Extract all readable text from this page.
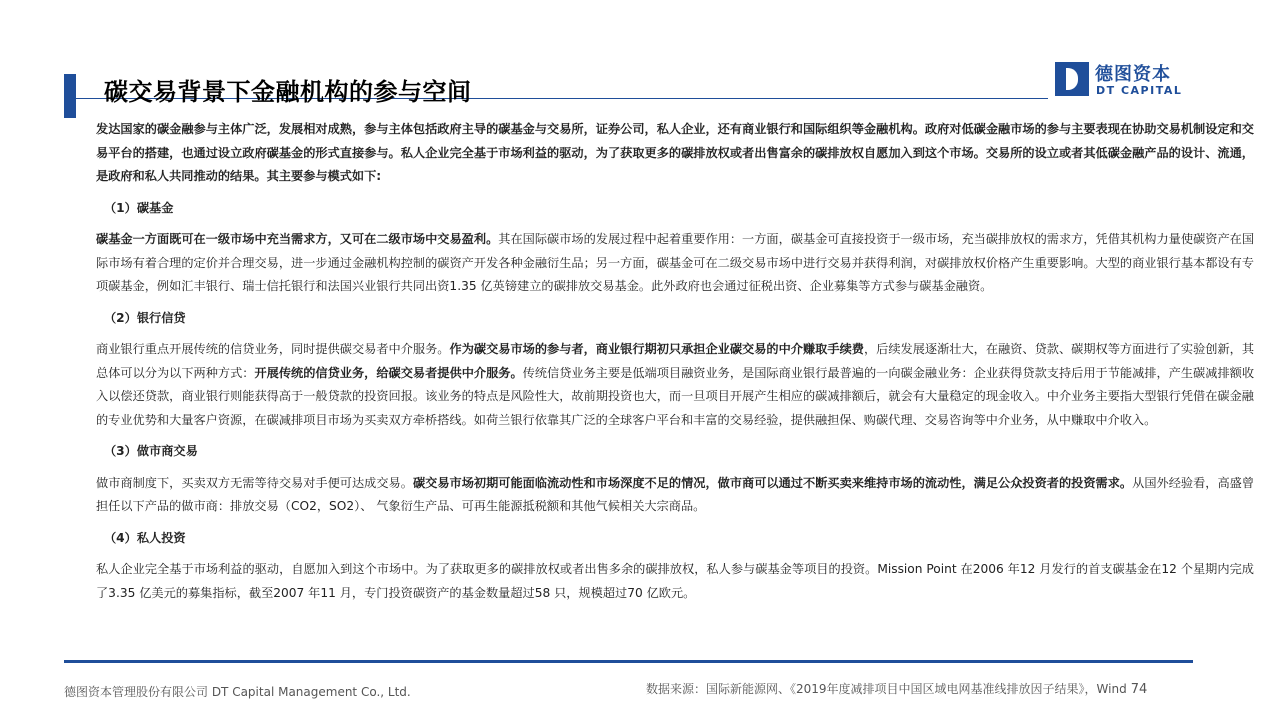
碳交易背景下金融机构的参与空间
德图资本
DT CAPITAL

发达国家的碳金融参与主体广泛，发展相对成熟，参与主体包括政府主导的碳基金与交易所，证券公司，私人企业，还有商业银行和国际组织等金融机构。政府对低碳金融市场的参与主要表现在协助交易机制设定和交易平台的搭建，也通过设立政府碳基金的形式直接参与。私人企业完全基于市场利益的驱动，为了获取更多的碳排放权或者出售富余的碳排放权自愿加入到这个市场。交易所的设立或者其低碳金融产品的设计、流通，是政府和私人共同推动的结果。其主要参与模式如下:

（1）碳基金

碳基金一方面既可在一级市场中充当需求方，又可在二级市场中交易盈利。其在国际碳市场的发展过程中起着重要作用：一方面，碳基金可直接投资于一级市场，充当碳排放权的需求方，凭借其机构力量使碳资产在国际市场有着合理的定价并合理交易，进一步通过金融机构控制的碳资产开发各种金融衍生品；另一方面，碳基金可在二级交易市场中进行交易并获得利润，对碳排放权价格产生重要影响。大型的商业银行基本都设有专项碳基金，例如汇丰银行、瑞士信托银行和法国兴业银行共同出资1.35 亿英镑建立的碳排放交易基金。此外政府也会通过征税出资、企业募集等方式参与碳基金融资。

（2）银行信贷

商业银行重点开展传统的信贷业务，同时提供碳交易者中介服务。作为碳交易市场的参与者，商业银行期初只承担企业碳交易的中介赚取手续费，后续发展逐渐壮大，在融资、贷款、碳期权等方面进行了实验创新，其总体可以分为以下两种方式：开展传统的信贷业务，给碳交易者提供中介服务。传统信贷业务主要是低端项目融资业务，是国际商业银行最普遍的一向碳金融业务：企业获得贷款支持后用于节能减排，产生碳减排额收入以偿还贷款，商业银行则能获得高于一般贷款的投资回报。该业务的特点是风险性大，故前期投资也大，而一旦项目开展产生相应的碳减排额后，就会有大量稳定的现金收入。中介业务主要指大型银行凭借在碳金融的专业优势和大量客户资源，在碳减排项目市场为买卖双方牵桥搭线。如荷兰银行依靠其广泛的全球客户平台和丰富的交易经验，提供融担保、购碳代理、交易咨询等中介业务，从中赚取中介收入。

（3）做市商交易

做市商制度下，买卖双方无需等待交易对手便可达成交易。碳交易市场初期可能面临流动性和市场深度不足的情况，做市商可以通过不断买卖来维持市场的流动性，满足公众投资者的投资需求。从国外经验看，高盛曾担任以下产品的做市商：排放交易（CO2，SO2）、 气象衍生产品、可再生能源抵税额和其他气候相关大宗商品。

（4）私人投资

私人企业完全基于市场利益的驱动，自愿加入到这个市场中。为了获取更多的碳排放权或者出售多余的碳排放权，私人参与碳基金等项目的投资。Mission Point 在2006 年12 月发行的首支碳基金在12 个星期内完成了3.35 亿美元的募集指标，截至2007 年11 月，专门投资碳资产的基金数量超过58 只，规模超过70 亿欧元。

德图资本管理股份有限公司 DT Capital Management Co., Ltd.	数据来源：国际新能源网、《2019年度减排项目中国区域电网基准线排放因子结果》，Wind 74
